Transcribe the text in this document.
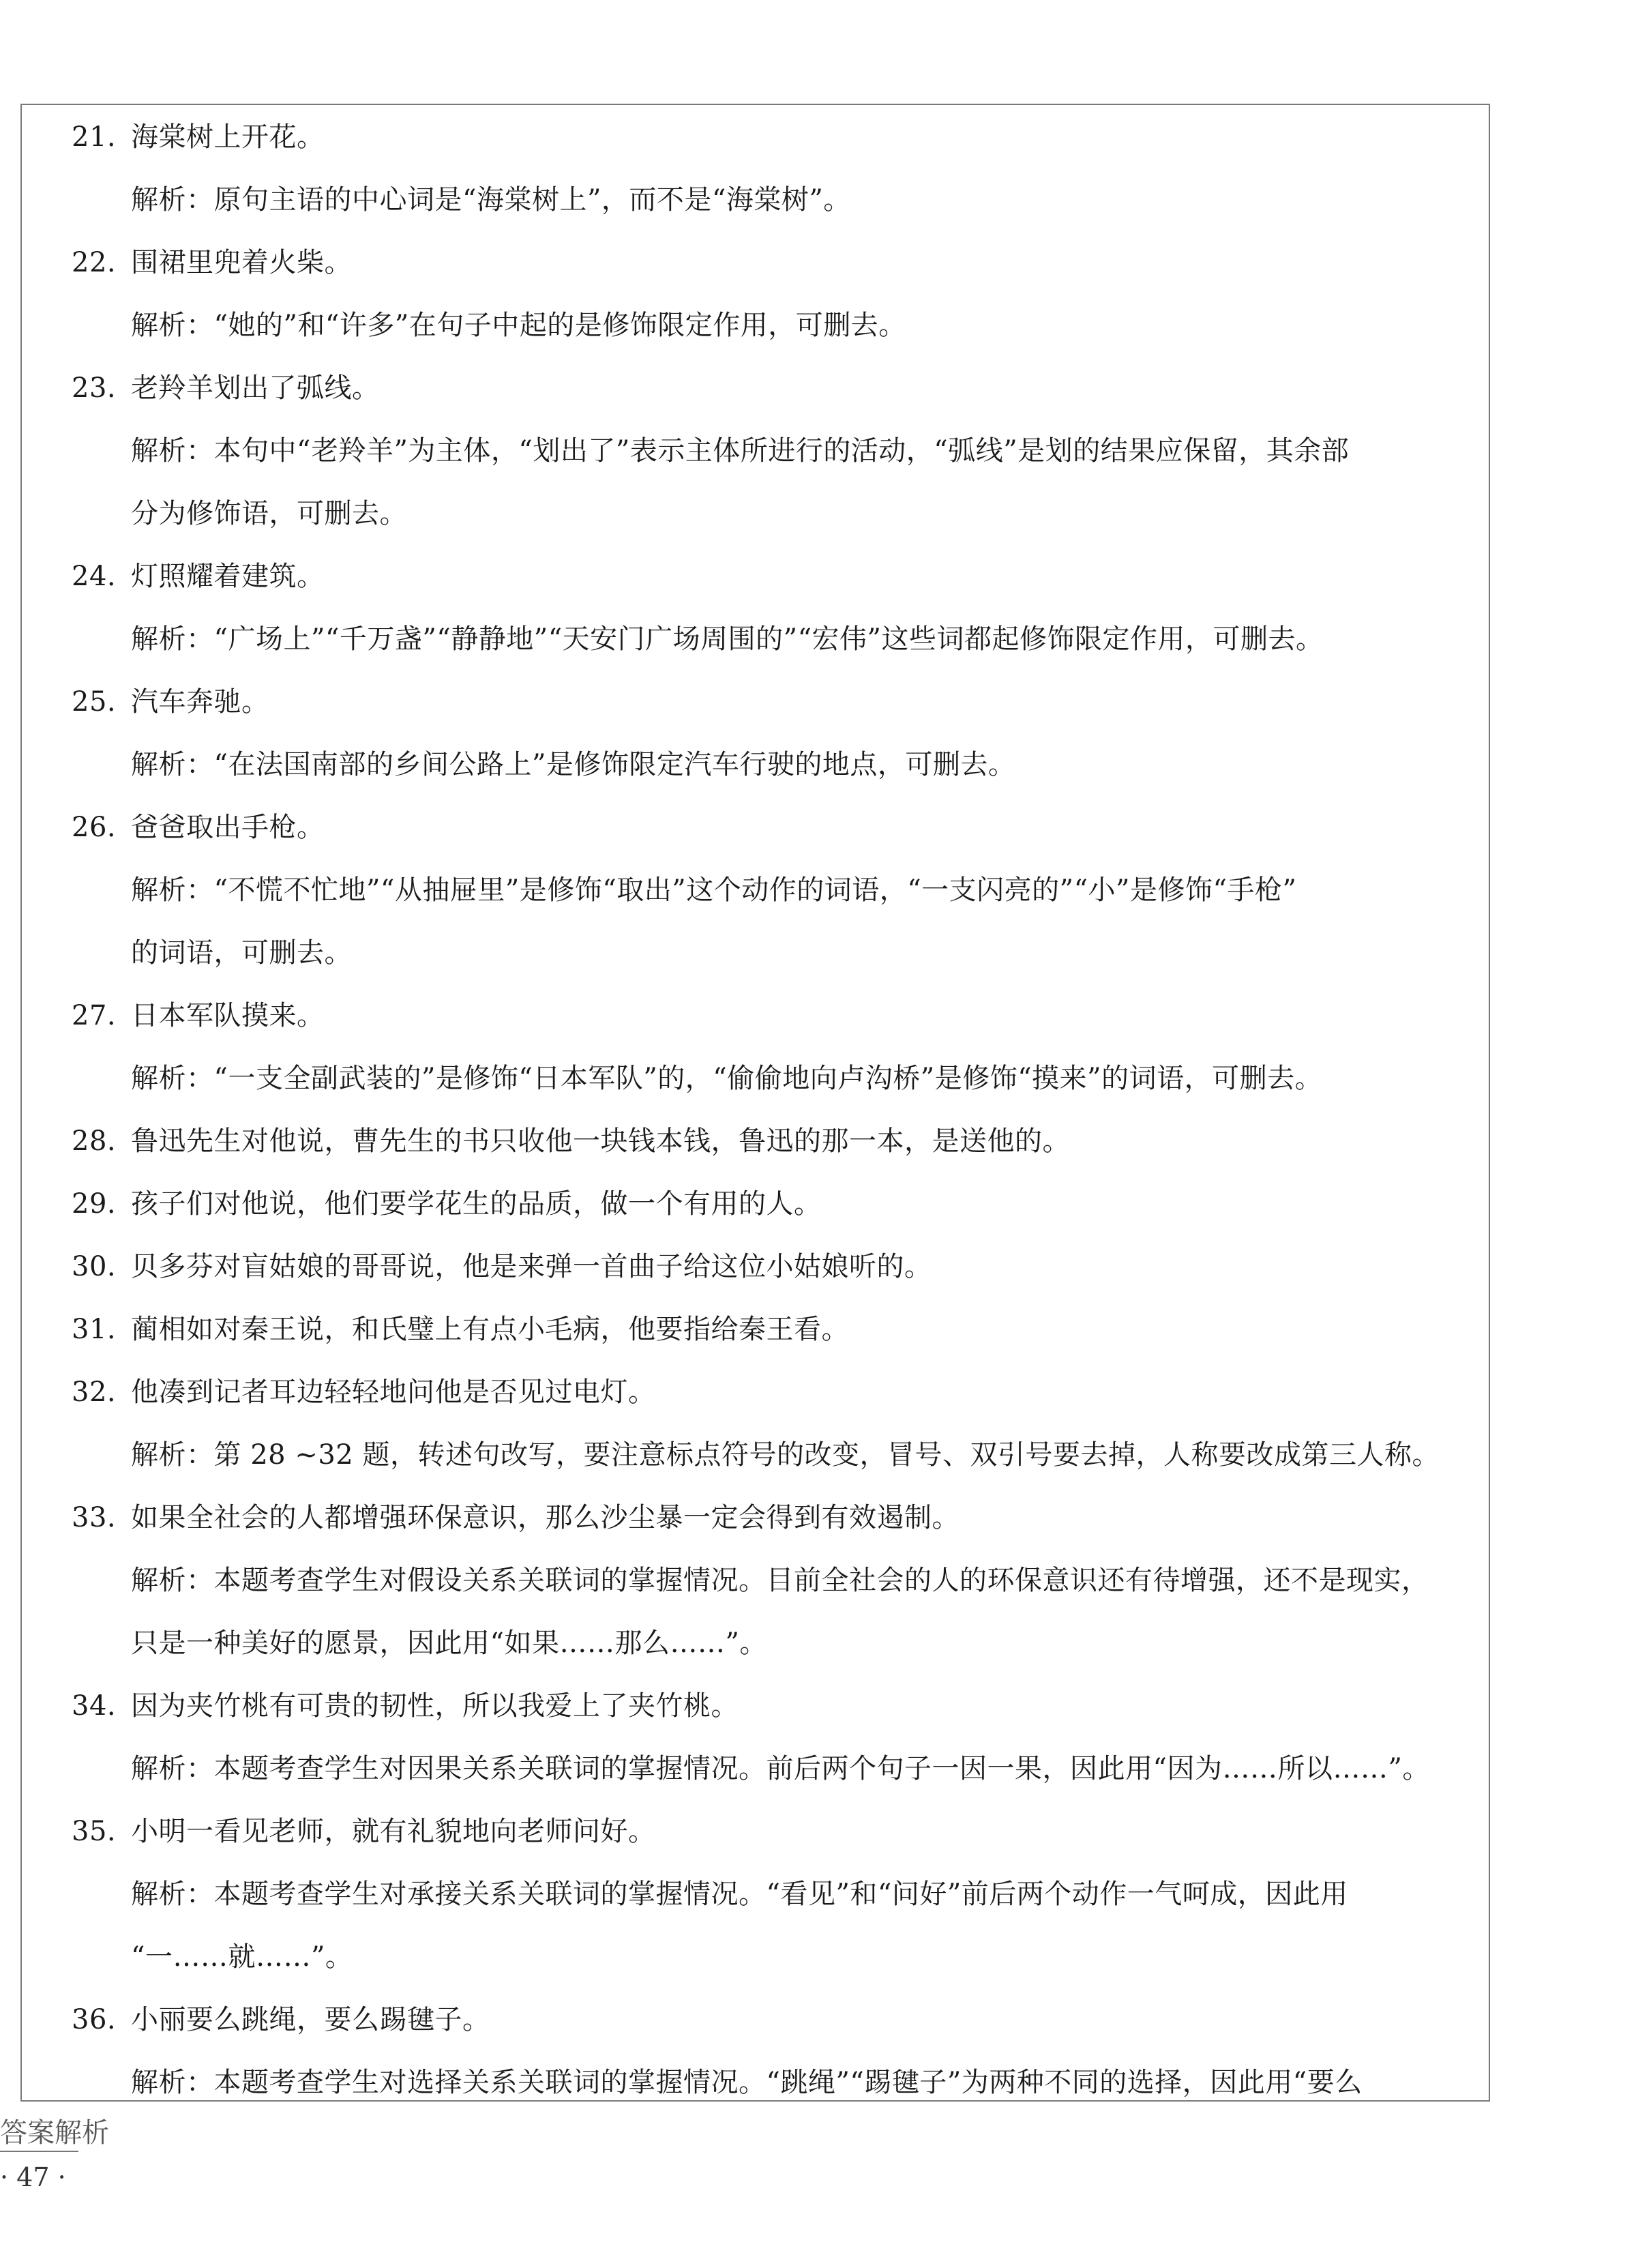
21. 海棠树上开花。
解析：原句主语的中心词是“海棠树上”，而不是“海棠树”。
22. 围裙里兜着火柴。
解析：“她的”和“许多”在句子中起的是修饰限定作用，可删去。
23. 老羚羊划出了弧线。
解析：本句中“老羚羊”为主体，“划出了”表示主体所进行的活动，“弧线”是划的结果应保留，其余部
分为修饰语，可删去。
24. 灯照耀着建筑。
解析：“广场上”“千万盏”“静静地”“天安门广场周围的”“宏伟”这些词都起修饰限定作用，可删去。
25. 汽车奔驰。
解析：“在法国南部的乡间公路上”是修饰限定汽车行驶的地点，可删去。
26. 爸爸取出手枪。
解析：“不慌不忙地”“从抽屉里”是修饰“取出”这个动作的词语，“一支闪亮的”“小”是修饰“手枪”
的词语，可删去。
27. 日本军队摸来。
解析：“一支全副武装的”是修饰“日本军队”的，“偷偷地向卢沟桥”是修饰“摸来”的词语，可删去。
28. 鲁迅先生对他说，曹先生的书只收他一块钱本钱，鲁迅的那一本，是送他的。
29. 孩子们对他说，他们要学花生的品质，做一个有用的人。
30. 贝多芬对盲姑娘的哥哥说，他是来弹一首曲子给这位小姑娘听的。
31. 蔺相如对秦王说，和氏璧上有点小毛病，他要指给秦王看。
32. 他凑到记者耳边轻轻地问他是否见过电灯。
解析：第 28 ~32 题，转述句改写，要注意标点符号的改变，冒号、双引号要去掉，人称要改成第三人称。
33. 如果全社会的人都增强环保意识，那么沙尘暴一定会得到有效遏制。
解析：本题考查学生对假设关系关联词的掌握情况。目前全社会的人的环保意识还有待增强，还不是现实，
只是一种美好的愿景，因此用“如果……那么……”。
34. 因为夹竹桃有可贵的韧性，所以我爱上了夹竹桃。
解析：本题考查学生对因果关系关联词的掌握情况。前后两个句子一因一果，因此用“因为……所以……”。
35. 小明一看见老师，就有礼貌地向老师问好。
解析：本题考查学生对承接关系关联词的掌握情况。“看见”和“问好”前后两个动作一气呵成，因此用
“一……就……”。
36. 小丽要么跳绳，要么踢毽子。
解析：本题考查学生对选择关系关联词的掌握情况。“跳绳”“踢毽子”为两种不同的选择，因此用“要么
答案解析
· 47 ·
